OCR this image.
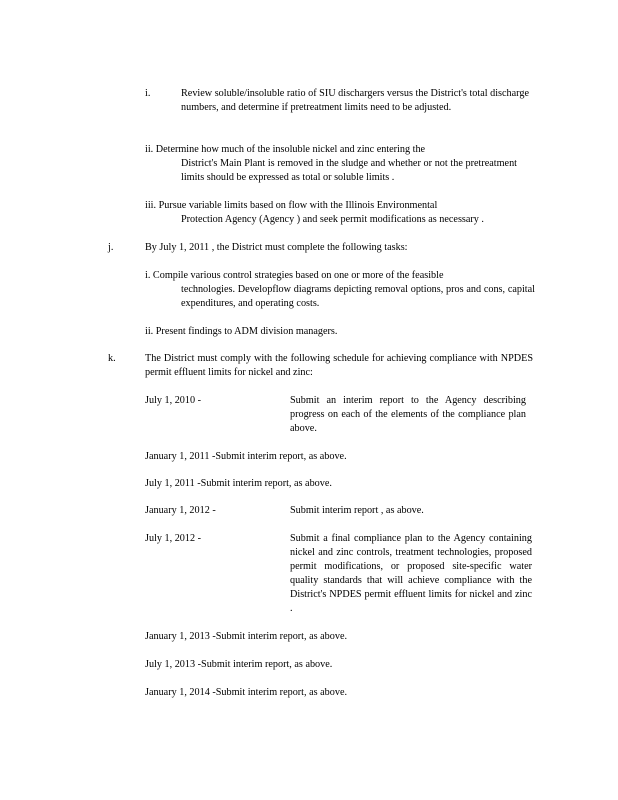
i.	Review soluble/insoluble ratio of SIU dischargers versus the District's total discharge numbers, and determine if pretreatment limits need to be adjusted.
ii. Determine how much of the insoluble nickel and zinc entering the
District's Main Plant is removed in the sludge and whether or not the pretreatment limits should be expressed as total or soluble limits .
iii. Pursue variable limits based on flow with the Illinois Environmental
Protection Agency (Agency ) and seek permit modifications as necessary .
j.	By July 1, 2011 , the District must complete the following tasks:
i. Compile various control strategies based on one or more of the feasible
technologies. Developflow diagrams depicting removal options, pros and cons, capital expenditures, and operating costs.
ii. Present findings to ADM division managers.
k.	The District must comply with the following schedule for achieving compliance with NPDES permit effluent limits for nickel and zinc:
July 1, 2010 -	Submit an interim report to the Agency describing progress on each of the elements of the compliance plan above.
January 1, 2011 -Submit interim report, as above.
July 1, 2011 -Submit interim report, as above.
January 1, 2012 -	Submit interim report , as above.
July 1, 2012 -	Submit a final compliance plan to the Agency containing nickel and zinc controls, treatment technologies, proposed permit modifications, or proposed site-specific water quality standards that will achieve compliance with the District's NPDES permit effluent limits for nickel and zinc .
January 1, 2013 -Submit interim report, as above.
July 1, 2013 -Submit interim report, as above.
January 1, 2014 -Submit interim report, as above.
